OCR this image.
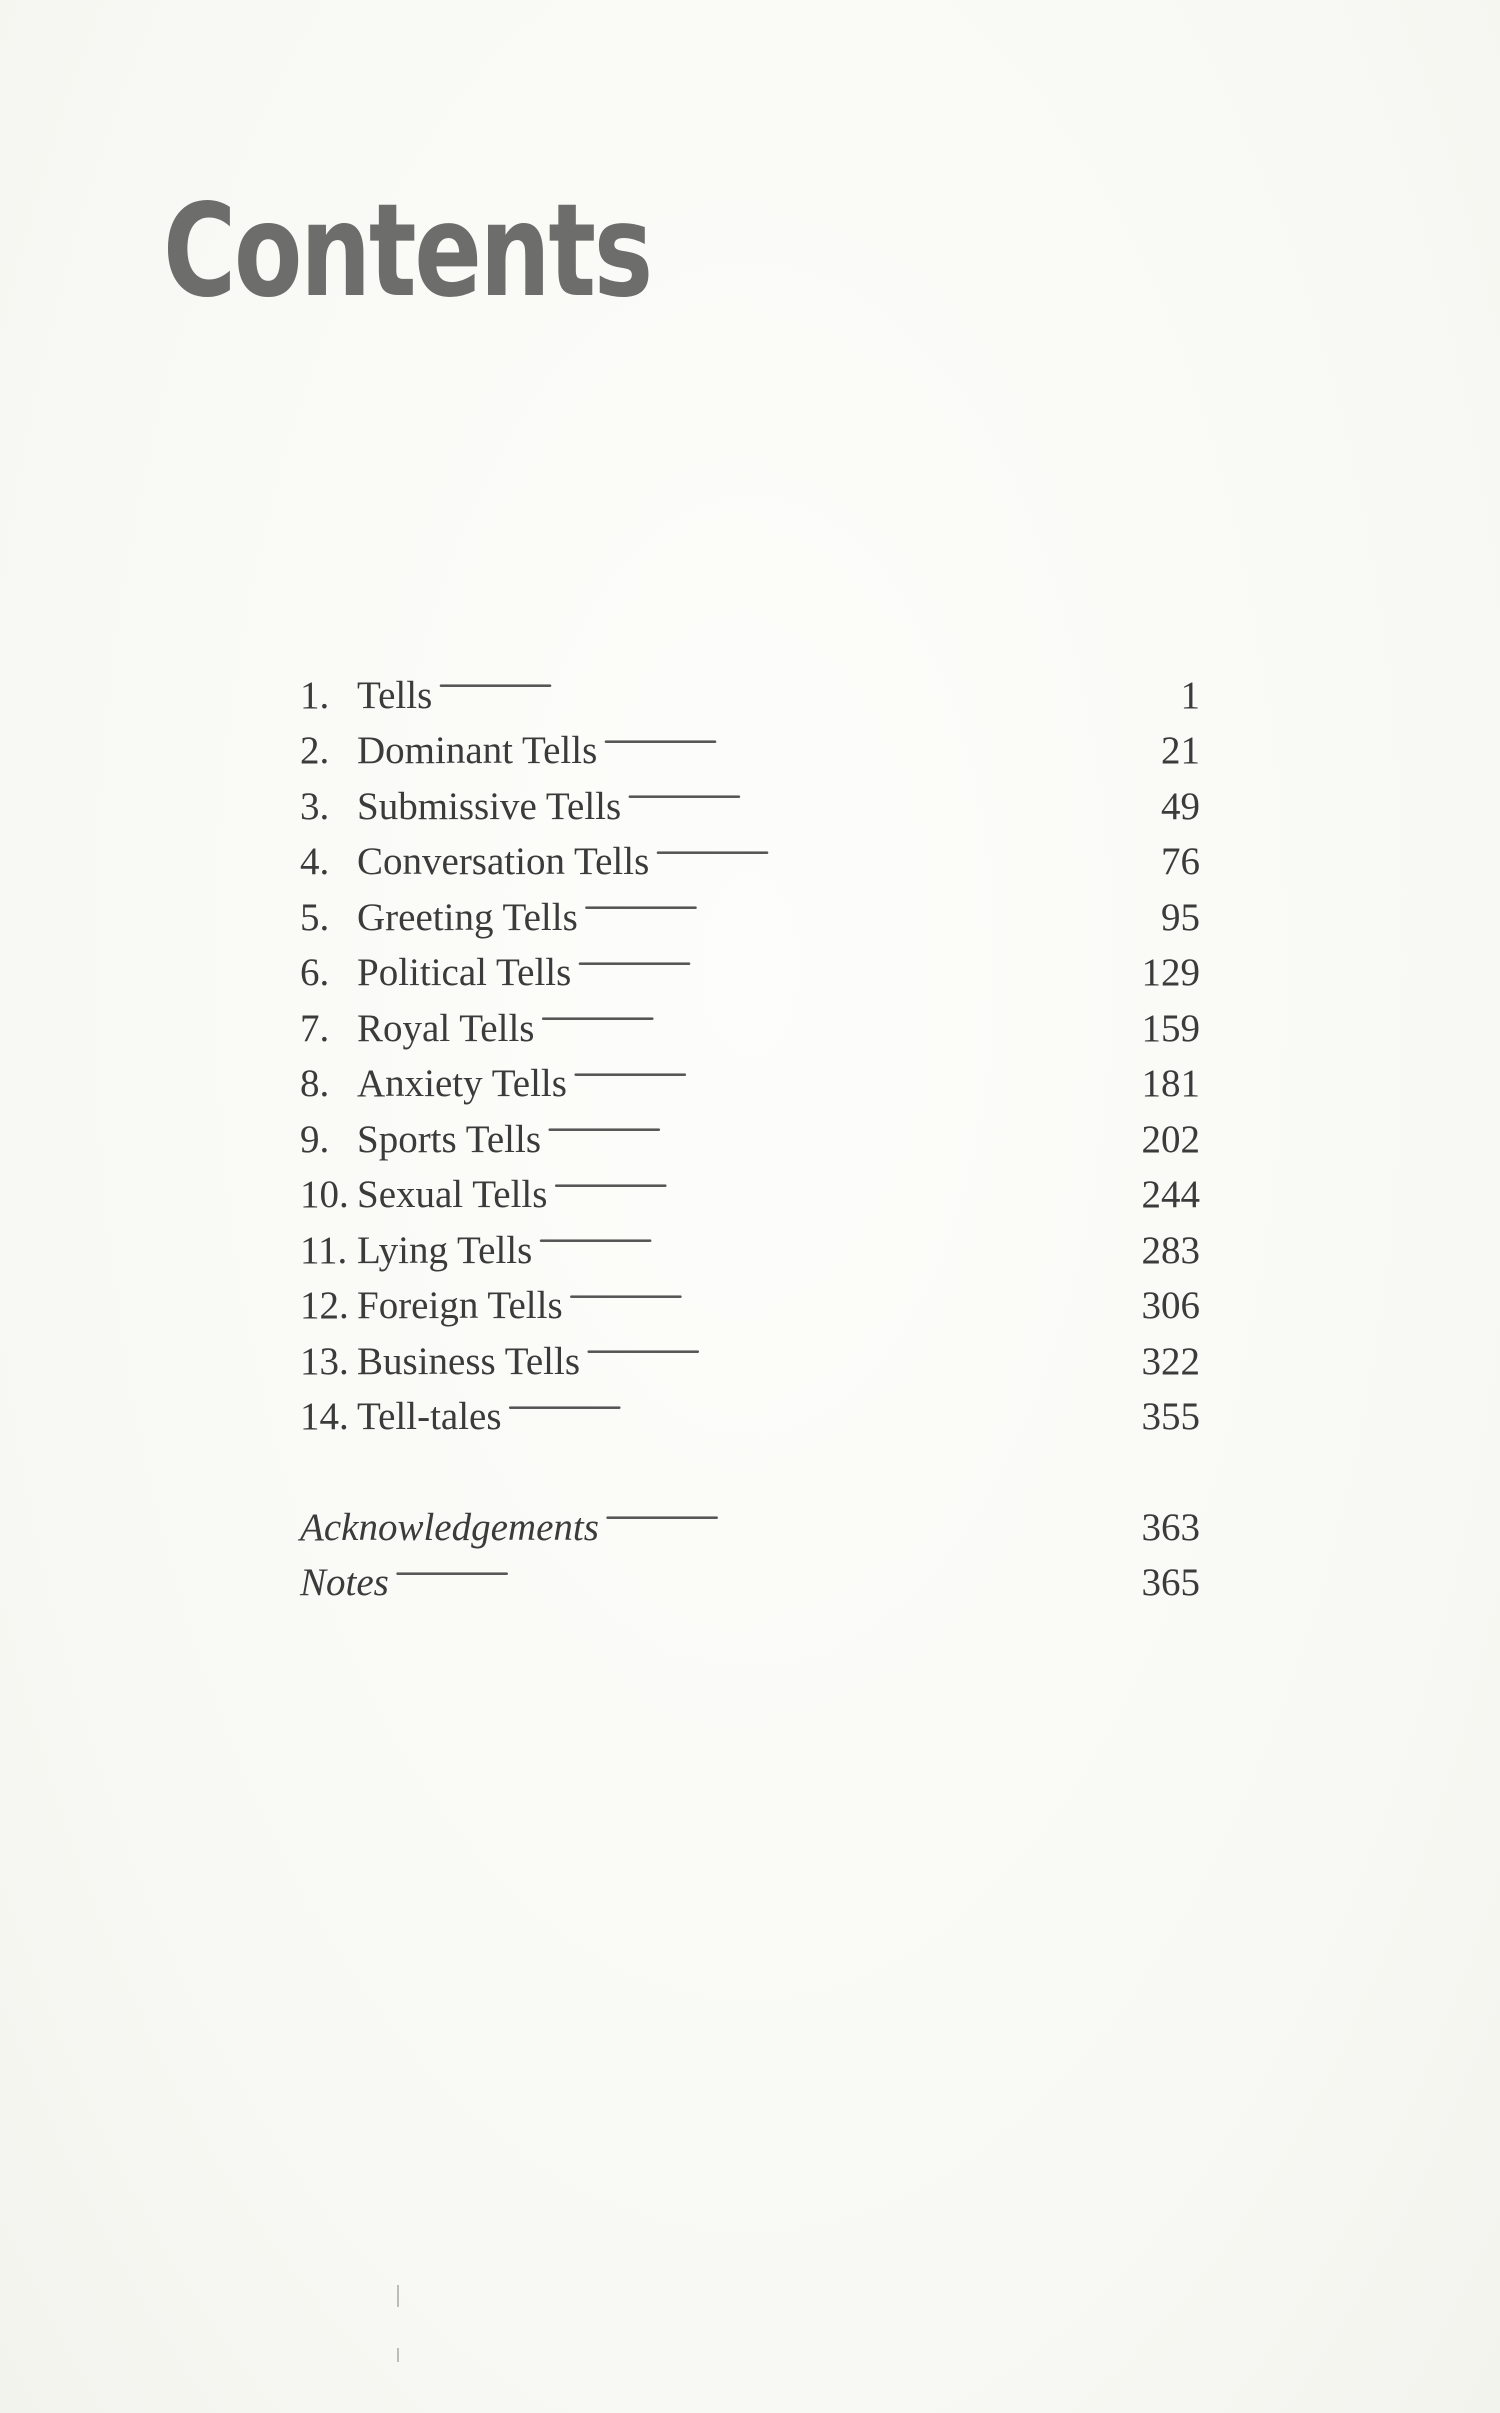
Contents
1. Tells . . .	1
2. Dominant Tells . . .	21
3. Submissive Tells . . .	49
4. Conversation Tells . . .	76
5. Greeting Tells . . .	95
6. Political Tells . . .	129
7. Royal Tells . . .	159
8. Anxiety Tells . . .	181
9. Sports Tells . . .	202
10. Sexual Tells . . .	244
11. Lying Tells . . .	283
12. Foreign Tells . . .	306
13. Business Tells . . .	322
14. Tell-tales . . .	355
Acknowledgements . . .	363
Notes . . .	365
